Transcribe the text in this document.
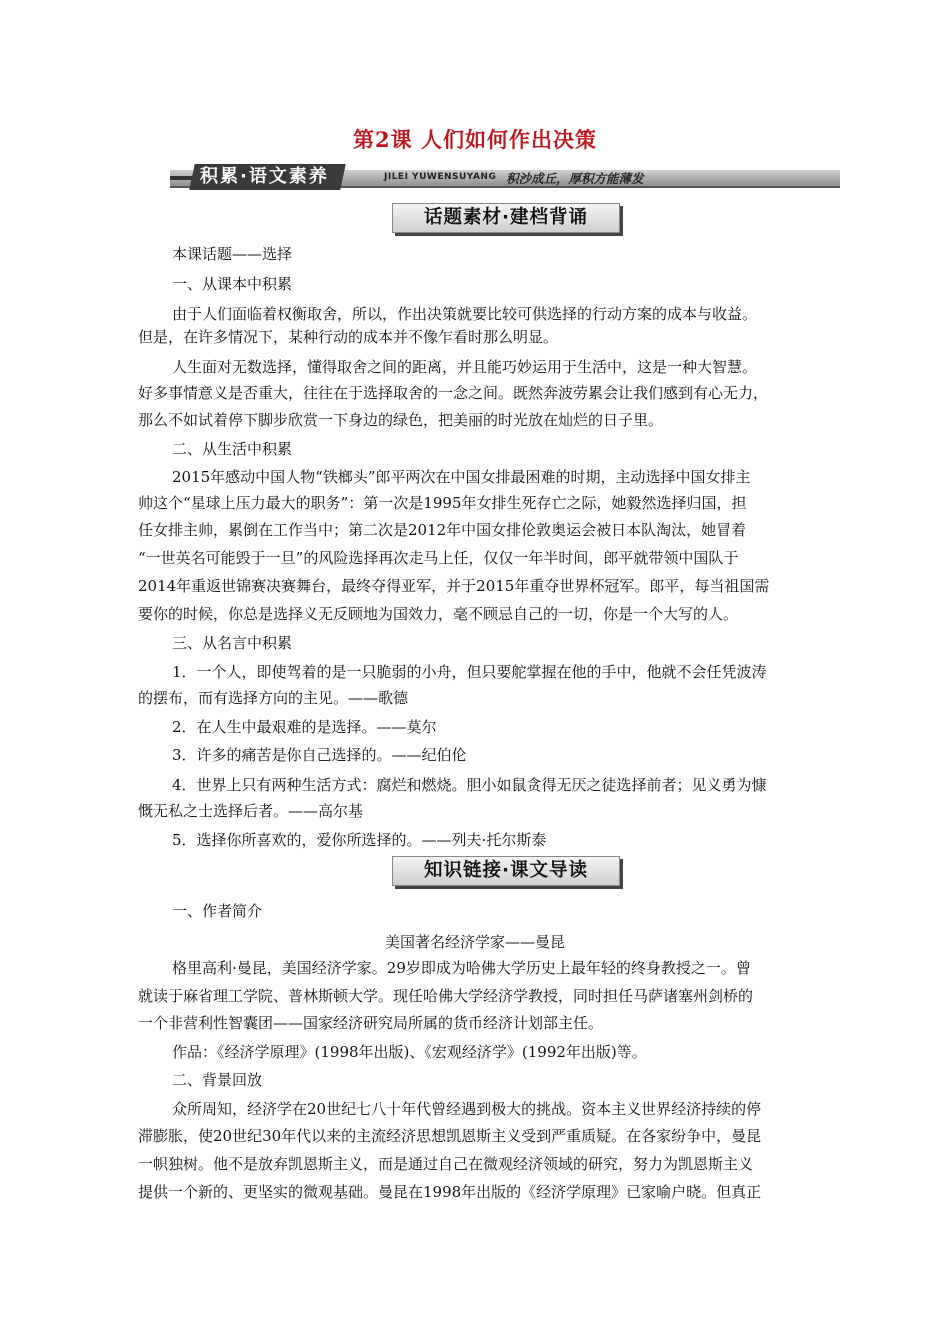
第2课 人们如何作出决策
积累·语文素养	JILEI YUWENSUYANG 积沙成丘，厚积方能薄发
话题素材·建档背诵
本课话题——选择
一、从课本中积累
由于人们面临着权衡取舍，所以，作出决策就要比较可供选择的行动方案的成本与收益。
但是，在许多情况下，某种行动的成本并不像乍看时那么明显。
人生面对无数选择，懂得取舍之间的距离，并且能巧妙运用于生活中，这是一种大智慧。
好多事情意义是否重大，往往在于选择取舍的一念之间。既然奔波劳累会让我们感到有心无力，
那么不如试着停下脚步欣赏一下身边的绿色，把美丽的时光放在灿烂的日子里。
二、从生活中积累
2015年感动中国人物“铁榔头”郎平两次在中国女排最困难的时期，主动选择中国女排主
帅这个“星球上压力最大的职务”：第一次是1995年女排生死存亡之际，她毅然选择归国，担
任女排主帅，累倒在工作当中；第二次是2012年中国女排伦敦奥运会被日本队淘汰，她冒着
“一世英名可能毁于一旦”的风险选择再次走马上任，仅仅一年半时间，郎平就带领中国队于
2014年重返世锦赛决赛舞台，最终夺得亚军，并于2015年重夺世界杯冠军。郎平，每当祖国需
要你的时候，你总是选择义无反顾地为国效力，毫不顾忌自己的一切，你是一个大写的人。
三、从名言中积累
1．一个人，即使驾着的是一只脆弱的小舟，但只要舵掌握在他的手中，他就不会任凭波涛
的摆布，而有选择方向的主见。——歌德
2．在人生中最艰难的是选择。——莫尔
3．许多的痛苦是你自己选择的。——纪伯伦
4．世界上只有两种生活方式：腐烂和燃烧。胆小如鼠贪得无厌之徒选择前者；见义勇为慷
慨无私之士选择后者。——高尔基
5．选择你所喜欢的，爱你所选择的。——列夫·托尔斯泰
知识链接·课文导读
一、作者简介
美国著名经济学家——曼昆
格里高利·曼昆，美国经济学家。29岁即成为哈佛大学历史上最年轻的终身教授之一。曾
就读于麻省理工学院、普林斯顿大学。现任哈佛大学经济学教授，同时担任马萨诸塞州剑桥的
一个非营利性智囊团——国家经济研究局所属的货币经济计划部主任。
作品：《经济学原理》(1998年出版)、《宏观经济学》(1992年出版)等。
二、背景回放
众所周知，经济学在20世纪七八十年代曾经遇到极大的挑战。资本主义世界经济持续的停
滞膨胀，使20世纪30年代以来的主流经济思想凯恩斯主义受到严重质疑。在各家纷争中，曼昆
一帜独树。他不是放弃凯恩斯主义，而是通过自己在微观经济领域的研究，努力为凯恩斯主义
提供一个新的、更坚实的微观基础。曼昆在1998年出版的《经济学原理》已家喻户晓。但真正
